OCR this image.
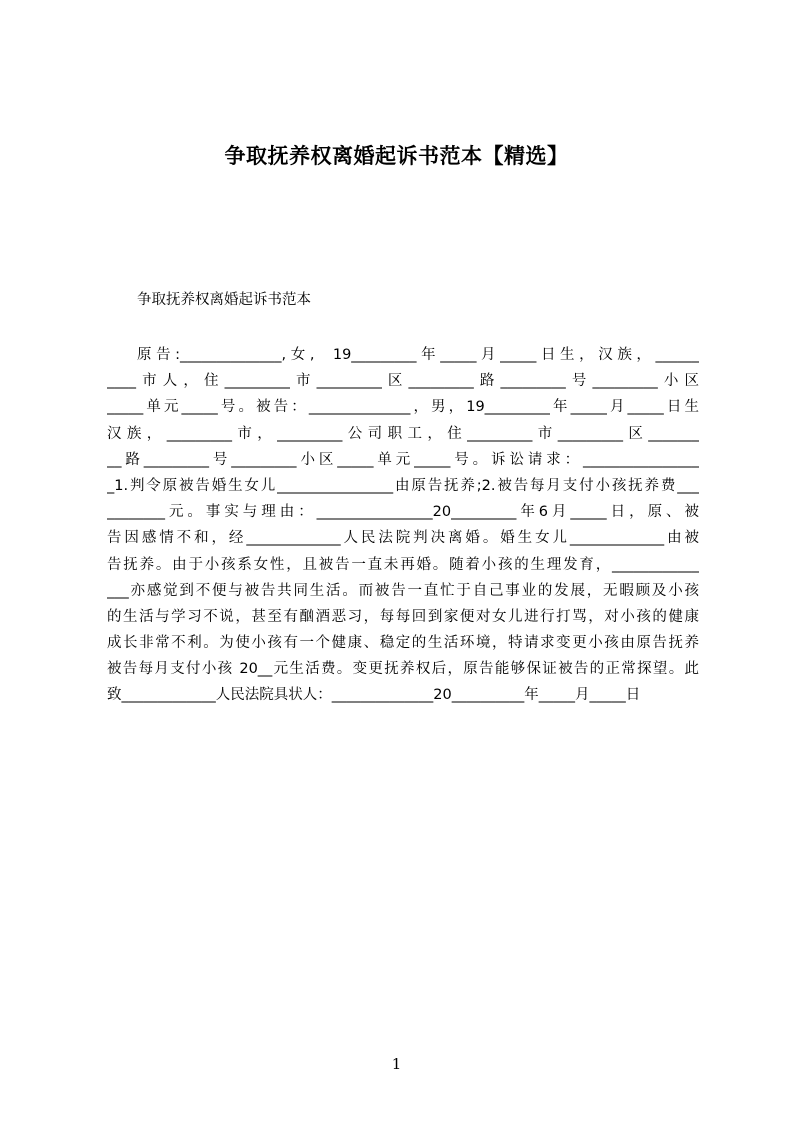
争取抚养权离婚起诉书范本【精选】
争取抚养权离婚起诉书范本
原告:______________,女,  19_________年_____月_____日生，汉族，______
____市人，住_________市_________区_________路_________号_________小区
_____单元_____号。被告：______________，男，19_________年_____月_____日生
汉族，_________市，_________公司职工，住_________市_________区_______
__路_________号_________小区_____单元_____号。诉讼请求：________________
_1.判令原被告婚生女儿________________由原告抚养;2.被告每月支付小孩抚养费___
________元。事实与理由：________________20_________年6月_____日，原、被
告因感情不和，经_____________人民法院判决离婚。婚生女儿_____________由被
告抚养。由于小孩系女性，且被告一直未再婚。随着小孩的生理发育，____________
___亦感觉到不便与被告共同生活。而被告一直忙于自己事业的发展，无暇顾及小孩
的生活与学习不说，甚至有酗酒恶习，每每回到家便对女儿进行打骂，对小孩的健康
成长非常不利。为使小孩有一个健康、稳定的生活环境，特请求变更小孩由原告抚养
被告每月支付小孩 20__元生活费。变更抚养权后，原告能够保证被告的正常探望。此
致_____________人民法院具状人：______________20__________年_____月_____日
1
